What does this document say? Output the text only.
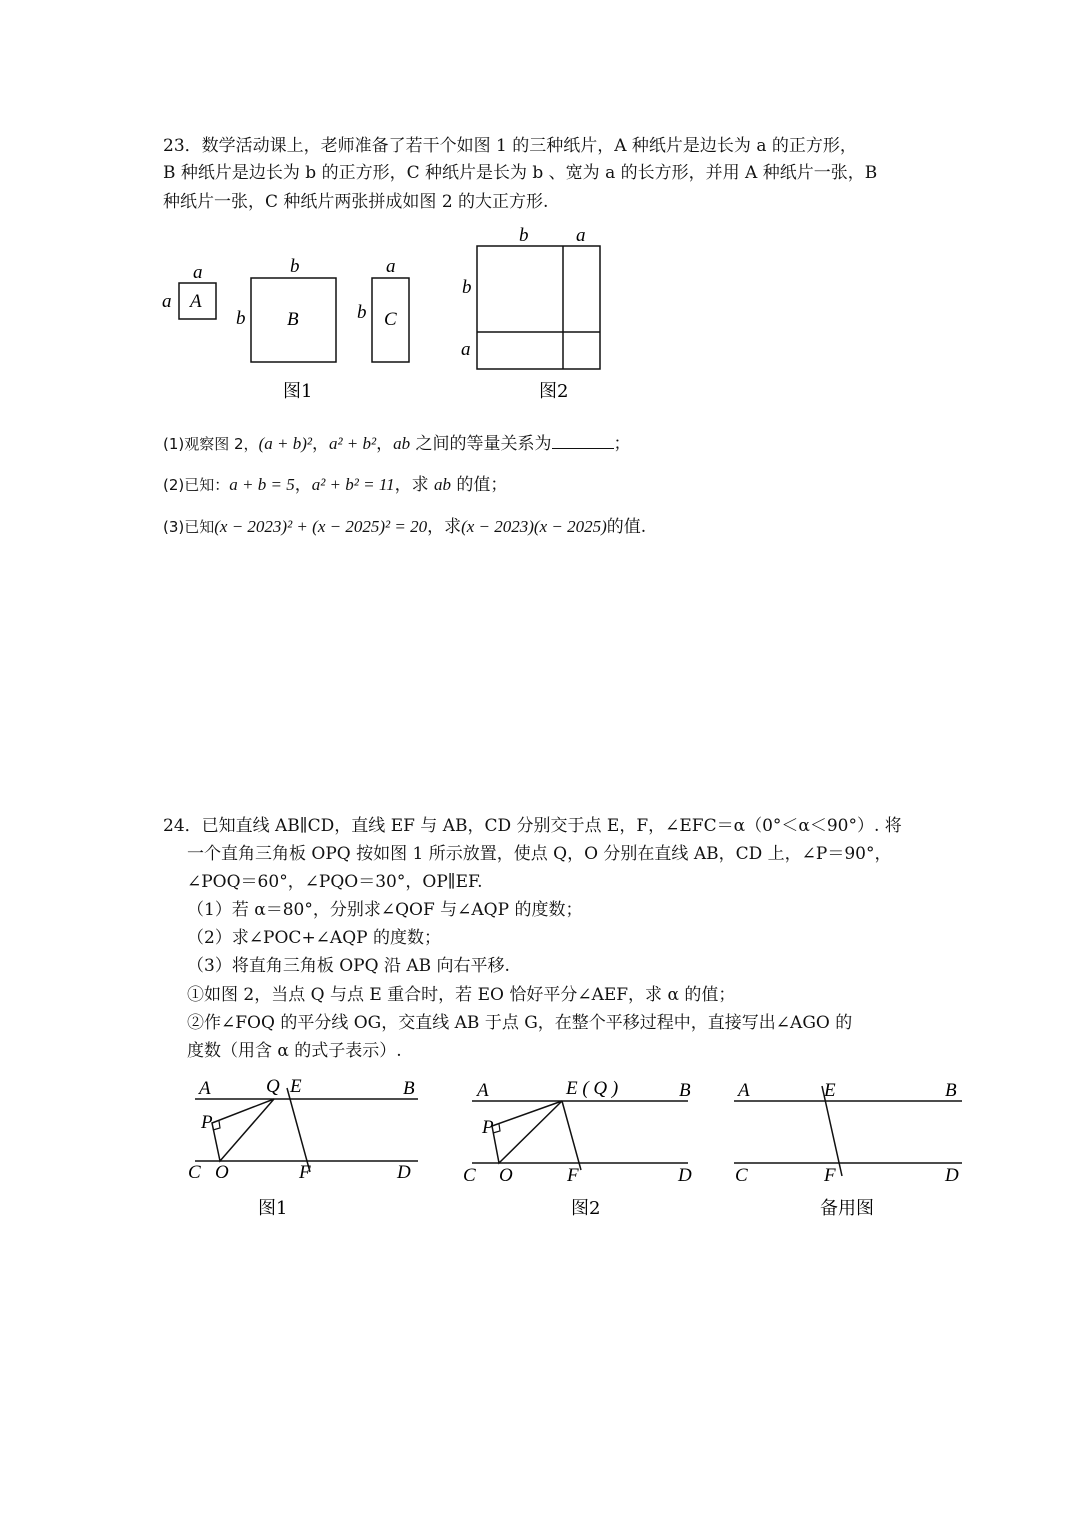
23．数学活动课上，老师准备了若干个如图 1 的三种纸片，A 种纸片是边长为 a 的正方形，
B 种纸片是边长为 b 的正方形，C 种纸片是长为 b 、宽为 a 的长方形，并用 A 种纸片一张，B
种纸片一张，C 种纸片两张拼成如图 2 的大正方形.
a
a A
b
b B
a
b C
图1
b	a
b
a
图2
(1)观察图 2，(a + b)²，a² + b²，ab 之间的等量关系为	；
(2)已知：a + b = 5，a² + b² = 11，求 ab 的值；
(3)已知(x − 2023)² + (x − 2025)² = 20，求(x − 2023)(x − 2025)的值.
24．已知直线 AB∥CD，直线 EF 与 AB，CD 分别交于点 E，F，∠EFC＝α（0°＜α＜90°）. 将
一个直角三角板 OPQ 按如图 1 所示放置，使点 Q，O 分别在直线 AB，CD 上，∠P＝90°，
∠POQ＝60°，∠PQO＝30°，OP∥EF.
（1）若 α＝80°，分别求∠QOF 与∠AQP 的度数；
（2）求∠POC+∠AQP 的度数；
（3）将直角三角板 OPQ 沿 AB 向右平移.
①如图 2，当点 Q 与点 E 重合时，若 EO 恰好平分∠AEF，求 α 的值；
②作∠FOQ 的平分线 OG，交直线 AB 于点 G，在整个平移过程中，直接写出∠AGO 的
度数（用含 α 的式子表示）.
A	Q E	B
P
C O	F	D
图1
A	E ( Q )	B
P
C O	F	D
图2
A	E	B
C	F	D
备用图
